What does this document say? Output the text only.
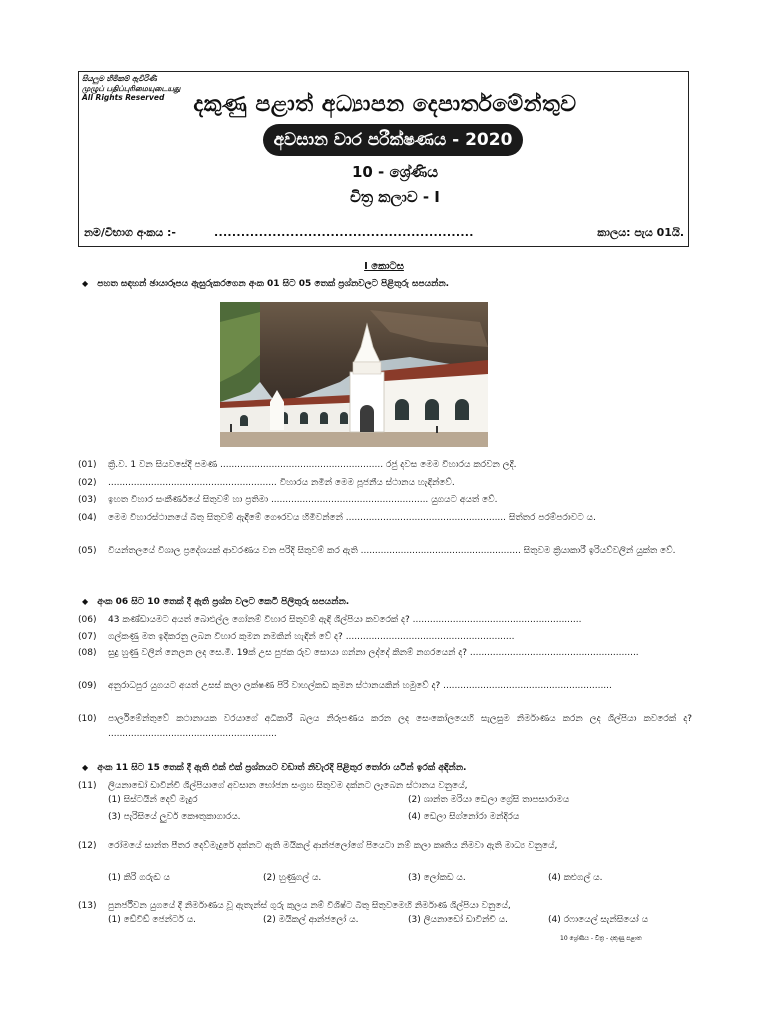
සියලුම හිමිකම් ඇවිරිණි
முழுப் பதிப்புரிமையுடையது
All Rights Reserved	දකුණු පළාත් අධ්‍යාපන දෙපාර්තමේන්තුව
අවසාන වාර පරීක්ෂණය - 2020
10 - ශ්‍රේණිය
චිත්‍ර කලාව - I
නම/විභාග අංකය :-	..........................................................	කාලය: පැය 01යි.
I කොටස
◆ පහත සඳහන් ඡායාරූපය ඇසුරුකරගෙන අංක 01 සිට 05 තෙක් ප්‍රශ්නවලට පිළිතුරු සපයන්න.
(01)	ක්‍රි.ව. 1 වන සියවසේදී පමණ ......................................................... රජු දවස මෙම විහාරය කරවන ලදී.
(02)	........................................................... විහාරය නමින් මෙම පූජනීය ස්ථානය හැඳින්වේ.
(03)	ඉහත විහාර සංකීර්ණයේ සිතුවම් හා ප්‍රතිමා ....................................................... යුගයට අයත් වේ.
(04)	මෙම විහාරස්ථානයේ බිතු සිතුවම් ඇඳීමේ ගෞරවය හිමිවන්නේ ........................................................ සිත්තර පරම්පරාවට ය.
(05)	වියන්තලයේ විශාල ප්‍රදේශයක් ආවරණය වන පරිදි සිතුවම් කර ඇති ........................................................ සිතුවම ක්‍රියාකාරී ඉරියව්වලින් යුක්ත වේ.
◆ අංක 06 සිට 10 තෙක් දී ඇති ප්‍රශ්න වලට කෙටි පිලිතුරු සපයන්න.
(06)	43 කණ්ඩායමට අයත් බොළුල්ල ගෝනම් විහාර සිතුවම් ඇඳි ශිල්පියා කවරෙක් ද? ...........................................................
(07)	ගල්කණු මත ඉදිකරනු ලබන විහාර කුමන නමකින් හැඳින් වේ ද? ...........................................................
(08)	සුදු හුණු වලින් නෙලන ලද සෙ.මී. 19ක් උස පුජක රුව සොයා ගන්නා ලද්දේ කිනම් නගරයෙන් ද? ...........................................................
(09)	අනුරාධපුර යුගයට අයත් උසස් කලා ලක්ෂණ පිරි වාහල්කඩ කුමන ස්ථානයකින් හමුවේ ද? ...........................................................
(10)	පාර්ලිමේන්තුවේ කථානායක වරයාගේ අධිකාරී බලය නිරූපණය කරන ලද සෙංකෝලයෙහි සැලසුම නිර්මාණය කරන ලද ශිල්පියා කවරෙක් ද? ...........................................................
◆ අංක 11 සිට 15 තෙක් දී ඇති එක් එක් ප්‍රශ්නයට වඩාත් නිවැරදි පිළිතුර තෝරා යටින් ඉරක් අඳින්න.
(11)	ලියනාඩෝ ඩාවින්චි ශිල්පියාගේ අවසාන භෝජන සංග්‍රහ සිතුවම දක්නට ලැබෙන ස්ථානය වනුයේ,
(1) සිස්ටයින් දෙව් මැදුර	(2) ශාන්ත මරියා ඩෙලා ග්‍රේසි තාපසාරාමය
(3) පැරිසියේ ලුවර් කෞතුකාගාරය.	(4) ඩෙලා සිග්නෝරා මන්දිරය
(12)	රෝමයේ සාන්ත පීතර දෙව්මැදුරේ දක්නට ඇති මයිකල් ආන්ජලෝගේ පියෙටා නම් කලා කෘතිය නිමවා ඇති මාධ්‍ය වනුයේ,
(1) කිරි ගරුඬ ය	(2) හුණුගල් ය.	(3) ලෝකඩ ය.	(4) කළුගල් ය.
(13)	පුනර්ජීවන යුගයේ දී නිර්මාණය වූ ඇතැන්ස් ගුරු කුලය නම් විශිෂ්ට බිතු සිතුවමෙහි නිර්මාණ ශිල්පියා වනුයේ,
(1) ඩේවිඩ් ජෙන්ටර් ය.	(2) මයිකල් ආන්ජලෝ ය.	(3) ලියනාඩෝ ඩාවින්චි ය.	(4) රෆායෙල් සැන්සියෝ ය
10 ශ්‍රේණිය - චිත්‍ර - දකුණු පළාත
